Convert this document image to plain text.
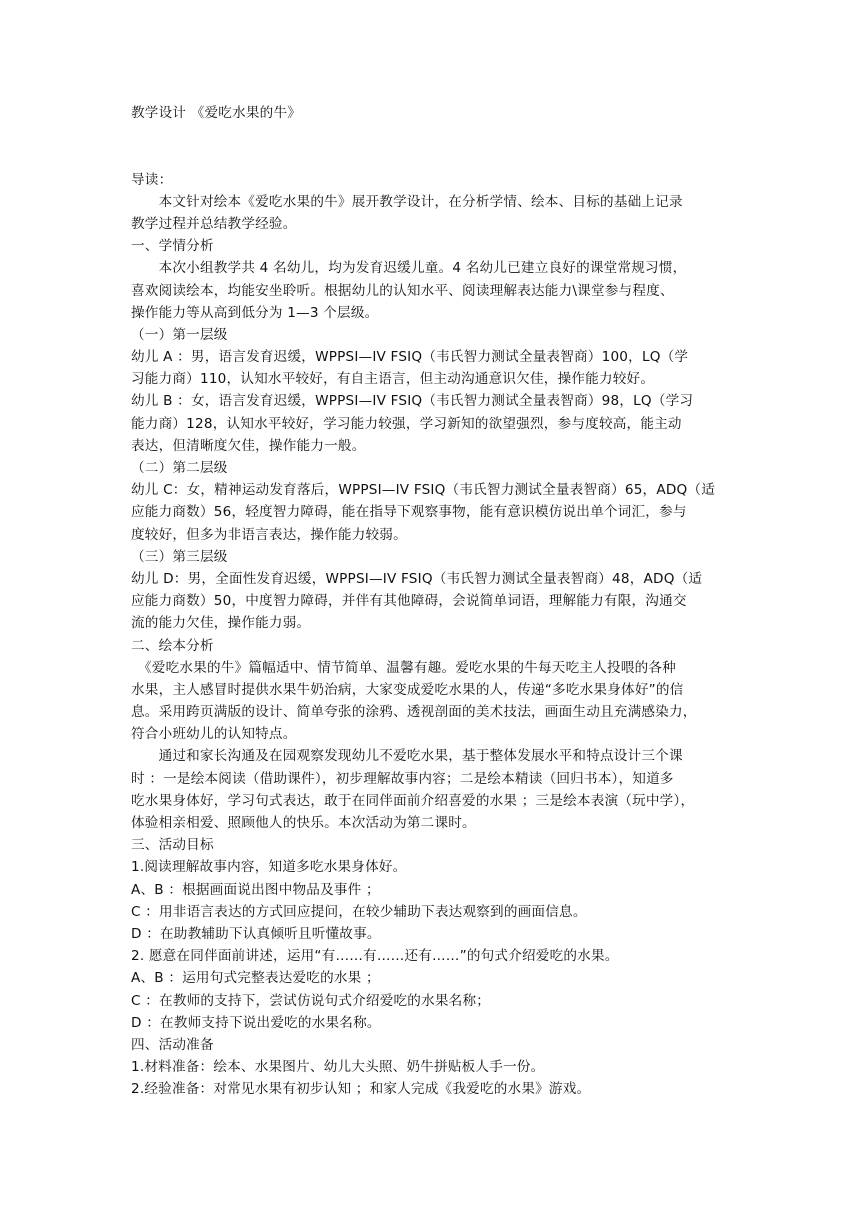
教学设计 《爱吃水果的牛》
导读：
　　本文针对绘本《爱吃水果的牛》展开教学设计，在分析学情、绘本、目标的基础上记录
教学过程并总结教学经验。
一、学情分析
　　本次小组教学共 4 名幼儿，均为发育迟缓儿童。4 名幼儿已建立良好的课堂常规习惯，
喜欢阅读绘本，均能安坐聆听。根据幼儿的认知水平、阅读理解表达能力\课堂参与程度、
操作能力等从高到低分为 1—3 个层级。
（一）第一层级
幼儿 A ：男，语言发育迟缓，WPPSI—IV FSIQ（韦氏智力测试全量表智商）100，LQ（学
习能力商）110，认知水平较好，有自主语言，但主动沟通意识欠佳，操作能力较好。
幼儿 B ：女，语言发育迟缓，WPPSI—IV FSIQ（韦氏智力测试全量表智商）98，LQ（学习
能力商）128，认知水平较好，学习能力较强，学习新知的欲望强烈，参与度较高，能主动
表达，但清晰度欠佳，操作能力一般。
（二）第二层级
幼儿 C：女，精神运动发育落后，WPPSI—IV FSIQ（韦氏智力测试全量表智商）65，ADQ（适
应能力商数）56，轻度智力障碍，能在指导下观察事物，能有意识模仿说出单个词汇，参与
度较好，但多为非语言表达，操作能力较弱。
（三）第三层级
幼儿 D：男，全面性发育迟缓，WPPSI—IV FSIQ（韦氏智力测试全量表智商）48，ADQ（适
应能力商数）50，中度智力障碍，并伴有其他障碍，会说简单词语，理解能力有限，沟通交
流的能力欠佳，操作能力弱。
二、绘本分析
　《爱吃水果的牛》篇幅适中、情节简单、温馨有趣。爱吃水果的牛每天吃主人投喂的各种
水果，主人感冒时提供水果牛奶治病，大家变成爱吃水果的人，传递“多吃水果身体好”的信
息。采用跨页满版的设计、简单夸张的涂鸦、透视剖面的美术技法，画面生动且充满感染力，
符合小班幼儿的认知特点。
　　通过和家长沟通及在园观察发现幼儿不爱吃水果，基于整体发展水平和特点设计三个课
时 ：一是绘本阅读（借助课件），初步理解故事内容；二是绘本精读（回归书本），知道多
吃水果身体好，学习句式表达，敢于在同伴面前介绍喜爱的水果 ；三是绘本表演（玩中学），
体验相亲相爱、照顾他人的快乐。本次活动为第二课时。
三、活动目标
1.阅读理解故事内容，知道多吃水果身体好。
A、B ：根据画面说出图中物品及事件 ；
C ：用非语言表达的方式回应提问，在较少辅助下表达观察到的画面信息。
D ：在助教辅助下认真倾听且听懂故事。
2. 愿意在同伴面前讲述，运用“有……有……还有……”的句式介绍爱吃的水果。
A、B ：运用句式完整表达爱吃的水果 ；
C ：在教师的支持下，尝试仿说句式介绍爱吃的水果名称；
D ：在教师支持下说出爱吃的水果名称。
四、活动准备
1.材料准备：绘本、水果图片、幼儿大头照、奶牛拼贴板人手一份。
2.经验准备：对常见水果有初步认知 ；和家人完成《我爱吃的水果》游戏。
